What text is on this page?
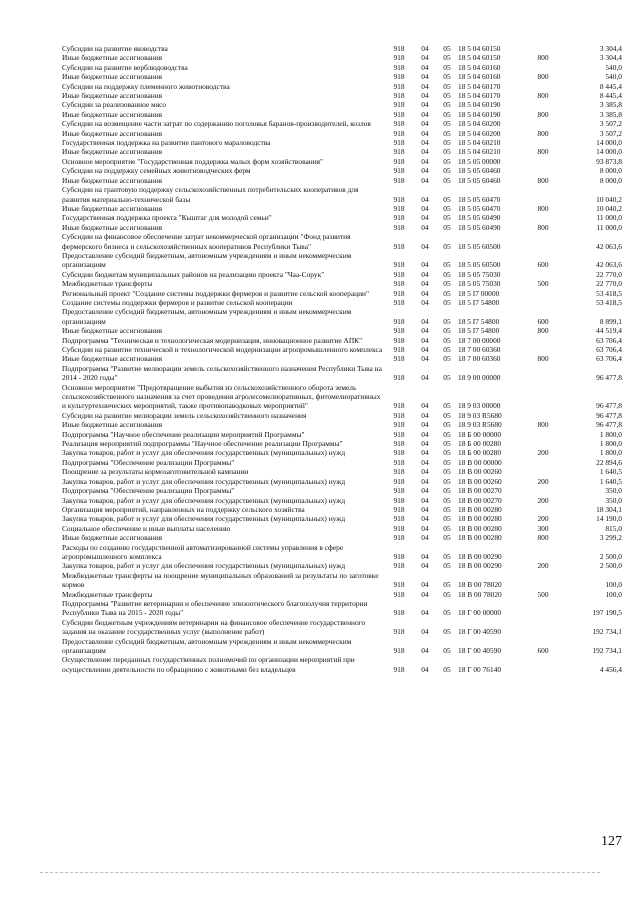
Субсидии на развитие яководства	918	04	05	18 5 04 60150		3 304,4
Иные бюджетные ассигнования	918	04	05	18 5 04 60150	800	3 304,4
Субсидии на развитие верблюдоводства	918	04	05	18 5 04 60160		540,0
Иные бюджетные ассигнования	918	04	05	18 5 04 60160	800	540,0
Субсидии на поддержку племенного животноводства	918	04	05	18 5 04 60170		8 445,4
Иные бюджетные ассигнования	918	04	05	18 5 04 60170	800	8 445,4
Субсидии за реализованное мясо	918	04	05	18 5 04 60190		3 385,8
Иные бюджетные ассигнования	918	04	05	18 5 04 60190	800	3 385,8
Субсидии на возмещение части затрат по содержанию поголовья баранов-производителей, козлов	918	04	05	18 5 04 60200		3 507,2
Иные бюджетные ассигнования	918	04	05	18 5 04 60200	800	3 507,2
Государственная поддержка на развитие пантового мараловодства	918	04	05	18 5 04 60210		14 000,0
Иные бюджетные ассигнования	918	04	05	18 5 04 60210	800	14 000,0
Основное мероприятие "Государственная поддержка малых форм хозяйствования"	918	04	05	18 5 05 00000		93 873,8
Субсидии на поддержку семейных животноводческих ферм	918	04	05	18 5 05 60460		8 000,0
Иные бюджетные ассигнования	918	04	05	18 5 05 60460	800	8 000,0
Субсидии на грантовую поддержку сельскохозяйственных потребительских кооперативов для развития материально-технической базы	918	04	05	18 5 05 60470		10 040,2
Иные бюджетные ассигнования	918	04	05	18 5 05 60470	800	10 040,2
Государственная поддержка проекта "Кыштаг для молодой семьи"	918	04	05	18 5 05 60490		11 000,0
Иные бюджетные ассигнования	918	04	05	18 5 05 60490	800	11 000,0
Субсидии на финансовое обеспечение затрат некоммерческой организации "Фонд развития фермерского бизнеса и сельскохозяйственных кооперативов Республики Тыва"	918	04	05	18 5 05 60500		42 063,6
Предоставление субсидий бюджетным, автономным учреждениям и иным некоммерческим организациям	918	04	05	18 5 05 60500	600	42 063,6
Субсидии бюджетам муниципальных районов на реализацию проекта "Чаа-Сорук"	918	04	05	18 5 05 75030		22 770,0
Межбюджетные трансферты	918	04	05	18 5 05 75030	500	22 770,0
Региональный проект "Создание системы поддержки фермеров и развитие сельской кооперации"	918	04	05	18 5 I7 00000		53 418,5
Создание системы поддержки фермеров и развитие сельской кооперации	918	04	05	18 5 I7 54800		53 418,5
Предоставление субсидий бюджетным, автономным учреждениям и иным некоммерческим организациям	918	04	05	18 5 I7 54800	600	8 899,1
Иные бюджетные ассигнования	918	04	05	18 5 I7 54800	800	44 519,4
Подпрограмма "Техническая и технологическая модернизация, инновационное развитие АПК"	918	04	05	18 7 00 00000		63 706,4
Субсидии на развитие технической и технологической модернизации агропромышленного комплекса	918	04	05	18 7 00 60360		63 706,4
Иные бюджетные ассигнования	918	04	05	18 7 00 60360	800	63 706,4
Подпрограмма "Развитие мелиорации земель сельскохозяйственного назначения Республики Тыва на 2014 - 2020 годы"	918	04	05	18 9 00 00000		96 477,8
Основное мероприятие "Предотвращение выбытия из сельскохозяйственного оборота земель сельскохозяйственного назначения за счет проведения агролесомелиоративных, фитомелиоративных и культуртехнических мероприятий, также противопаводковых мероприятий"	918	04	05	18 9 03 00000		96 477,8
Субсидии на развитие мелиорации земель сельскохозяйственного назначения	918	04	05	18 9 03 R5680		96 477,8
Иные бюджетные ассигнования	918	04	05	18 9 03 R5680	800	96 477,8
Подпрограмма "Научное обеспечение реализации мероприятий Программы"	918	04	05	18 Б 00 00000		1 800,0
Реализация мероприятий подпрограммы "Научное обеспечение реализации Программы"	918	04	05	18 Б 00 00280		1 800,0
Закупка товаров, работ и услуг для обеспечения государственных (муниципальных) нужд	918	04	05	18 Б 00 00280	200	1 800,0
Подпрограмма "Обеспечение реализации Программы"	918	04	05	18 В 00 00000		22 894,6
Поощрение за результаты кормозаготовительной кампании	918	04	05	18 В 00 00260		1 640,5
Закупка товаров, работ и услуг для обеспечения государственных (муниципальных) нужд	918	04	05	18 В 00 00260	200	1 640,5
Подпрограмма "Обеспечение реализации Программы"	918	04	05	18 В 00 00270		350,0
Закупка товаров, работ и услуг для обеспечения государственных (муниципальных) нужд	918	04	05	18 В 00 00270	200	350,0
Организация мероприятий, направленных на поддержку сельского хозяйства	918	04	05	18 В 00 00280		18 304,1
Закупка товаров, работ и услуг для обеспечения государственных (муниципальных) нужд	918	04	05	18 В 00 00280	200	14 190,0
Социальное обеспечение и иные выплаты населению	918	04	05	18 В 00 00280	300	815,0
Иные бюджетные ассигнования	918	04	05	18 В 00 00280	800	3 299,2
Расходы по созданию государственной автоматизированной системы управления в сфере агропромышленного комплекса	918	04	05	18 В 00 00290		2 500,0
Закупка товаров, работ и услуг для обеспечения государственных (муниципальных) нужд	918	04	05	18 В 00 00290	200	2 500,0
Межбюджетные трансферты на поощрение муниципальных образований за результаты по заготовке кормов	918	04	05	18 В 00 78020		100,0
Межбюджетные трансферты	918	04	05	18 В 00 78020	500	100,0
Подпрограмма "Развитие ветеринарии и обеспечение эпизоотического благополучия территории Республики Тыва на 2015 - 2020 годы"	918	04	05	18 Г 00 00000		197 190,5
Субсидии бюджетным учреждениям ветеринарии на финансовое обеспечение государственного задания на оказание государственных услуг (выполнение работ)	918	04	05	18 Г 00 40590		192 734,1
Предоставление субсидий бюджетным, автономным учреждениям и иным некоммерческим организациям	918	04	05	18 Г 00 40590	600	192 734,1
Осуществление переданных государственных полномочий по организации мероприятий при осуществлении деятельности по обращению с животными без владельцев	918	04	05	18 Г 00 76140		4 456,4
127
